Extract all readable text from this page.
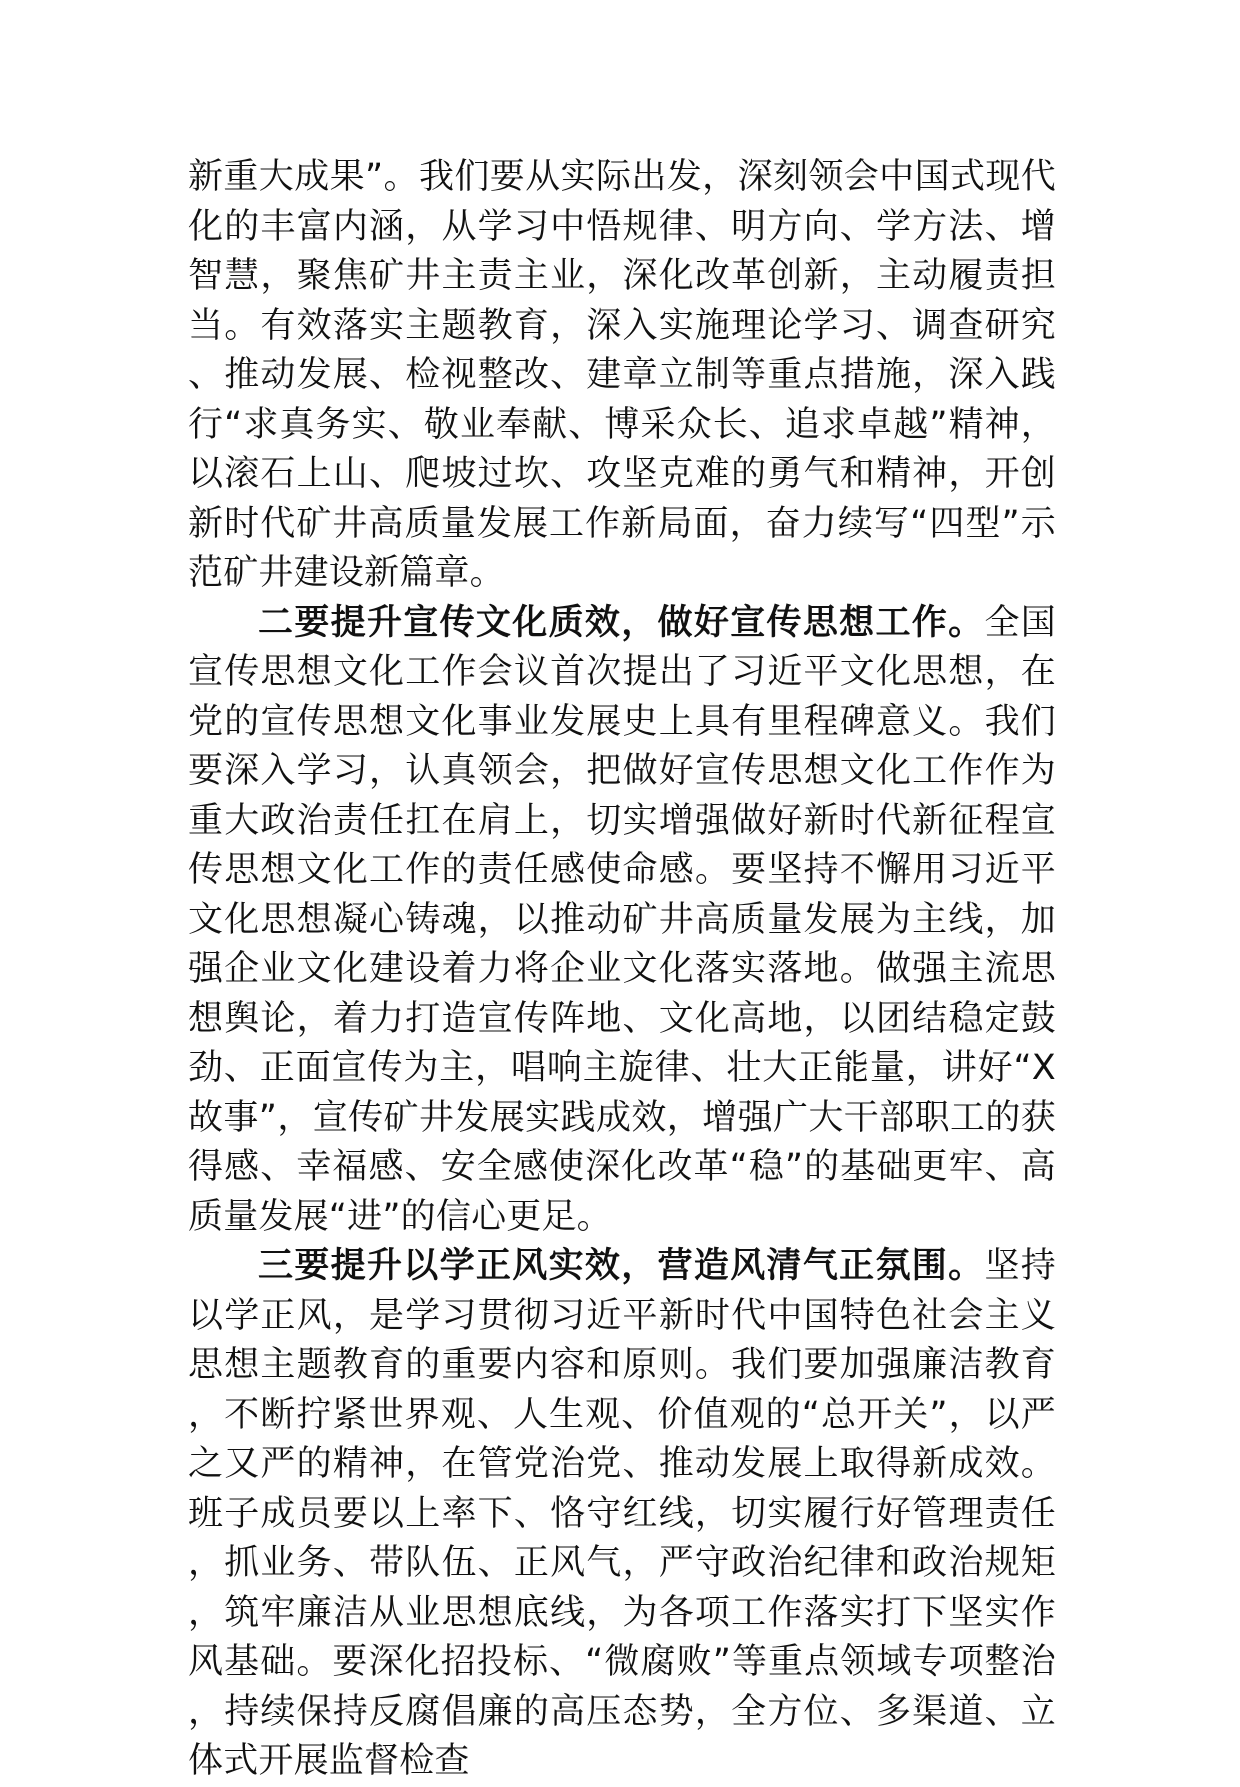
新重大成果”。我们要从实际出发，深刻领会中国式现代化的丰富内涵，从学习中悟规律、明方向、学方法、增智慧，聚焦矿井主责主业，深化改革创新，主动履责担当。有效落实主题教育，深入实施理论学习、调查研究、推动发展、检视整改、建章立制等重点措施，深入践行“求真务实、敬业奉献、博采众长、追求卓越”精神，以滚石上山、爬坡过坎、攻坚克难的勇气和精神，开创新时代矿井高质量发展工作新局面，奋力续写“四型”示范矿井建设新篇章。

二要提升宣传文化质效，做好宣传思想工作。全国宣传思想文化工作会议首次提出了习近平文化思想，在党的宣传思想文化事业发展史上具有里程碑意义。我们要深入学习，认真领会，把做好宣传思想文化工作作为重大政治责任扛在肩上，切实增强做好新时代新征程宣传思想文化工作的责任感使命感。要坚持不懈用习近平文化思想凝心铸魂，以推动矿井高质量发展为主线，加强企业文化建设着力将企业文化落实落地。做强主流思想舆论，着力打造宣传阵地、文化高地，以团结稳定鼓劲、正面宣传为主，唱响主旋律、壮大正能量，讲好“X故事”，宣传矿井发展实践成效，增强广大干部职工的获得感、幸福感、安全感使深化改革“稳”的基础更牢、高质量发展“进”的信心更足。

三要提升以学正风实效，营造风清气正氛围。坚持以学正风，是学习贯彻习近平新时代中国特色社会主义思想主题教育的重要内容和原则。我们要加强廉洁教育，不断拧紧世界观、人生观、价值观的“总开关”，以严之又严的精神，在管党治党、推动发展上取得新成效。班子成员要以上率下、恪守红线，切实履行好管理责任，抓业务、带队伍、正风气，严守政治纪律和政治规矩，筑牢廉洁从业思想底线，为各项工作落实打下坚实作风基础。要深化招投标、“微腐败”等重点领域专项整治，持续保持反腐倡廉的高压态势，全方位、多渠道、立体式开展监督检查
